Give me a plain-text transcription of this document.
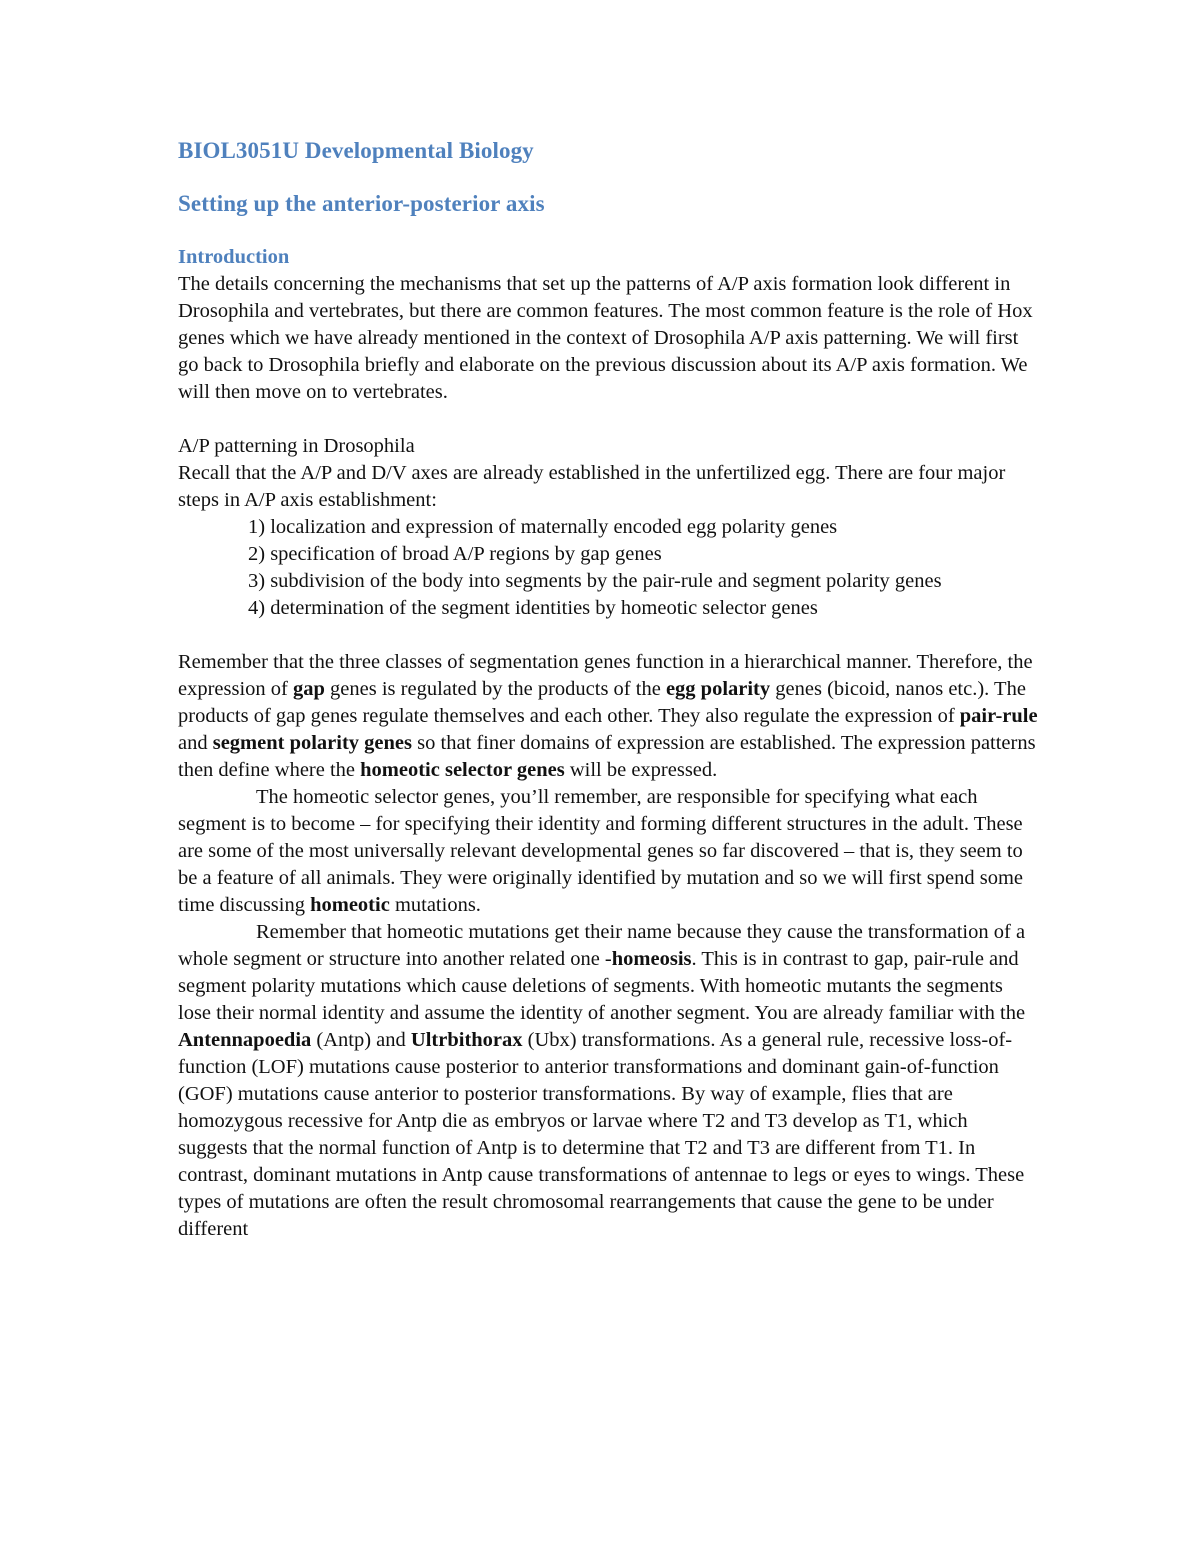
BIOL3051U Developmental Biology
Setting up the anterior-posterior axis
Introduction

The details concerning the mechanisms that set up the patterns of A/P axis formation look different in Drosophila and vertebrates, but there are common features. The most common feature is the role of Hox genes which we have already mentioned in the context of Drosophila A/P axis patterning. We will first go back to Drosophila briefly and elaborate on the previous discussion about its A/P axis formation. We will then move on to vertebrates.

A/P patterning in Drosophila

Recall that the A/P and D/V axes are already established in the unfertilized egg. There are four major steps in A/P axis establishment:

1) localization and expression of maternally encoded egg polarity genes
2) specification of broad A/P regions by gap genes
3) subdivision of the body into segments by the pair-rule and segment polarity genes
4) determination of the segment identities by homeotic selector genes

Remember that the three classes of segmentation genes function in a hierarchical manner. Therefore, the expression of gap genes is regulated by the products of the egg polarity genes (bicoid, nanos etc.). The products of gap genes regulate themselves and each other. They also regulate the expression of pair-rule and segment polarity genes so that finer domains of expression are established. The expression patterns then define where the homeotic selector genes will be expressed.

The homeotic selector genes, you’ll remember, are responsible for specifying what each segment is to become – for specifying their identity and forming different structures in the adult. These are some of the most universally relevant developmental genes so far discovered – that is, they seem to be a feature of all animals. They were originally identified by mutation and so we will first spend some time discussing homeotic mutations.

Remember that homeotic mutations get their name because they cause the transformation of a whole segment or structure into another related one -homeosis. This is in contrast to gap, pair-rule and segment polarity mutations which cause deletions of segments. With homeotic mutants the segments lose their normal identity and assume the identity of another segment. You are already familiar with the Antennapoedia (Antp) and Ultrbithorax (Ubx) transformations. As a general rule, recessive loss-of-function (LOF) mutations cause posterior to anterior transformations and dominant gain-of-function (GOF) mutations cause anterior to posterior transformations. By way of example, flies that are homozygous recessive for Antp die as embryos or larvae where T2 and T3 develop as T1, which suggests that the normal function of Antp is to determine that T2 and T3 are different from T1. In contrast, dominant mutations in Antp cause transformations of antennae to legs or eyes to wings. These types of mutations are often the result chromosomal rearrangements that cause the gene to be under different
